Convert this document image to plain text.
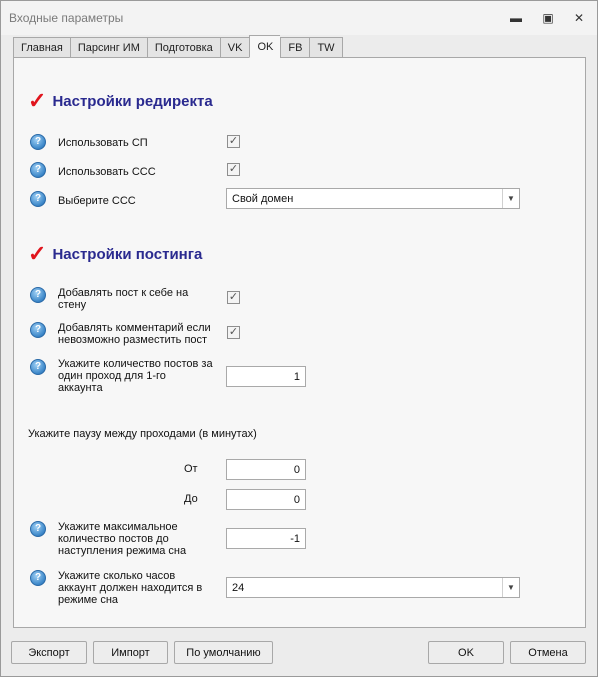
Входные параметры	▬	▣	✕
Главная	Парсинг ИМ	Подготовка	VK	OK	FB	TW
✓ Настройки редиректа
?	Использовать СП	✓
?	Использовать ССС	✓
?	Выберите ССС	Свой домен	▼
✓ Настройки постинга
?	Добавлять пост к себе на
стену
✓
?	Добавлять комментарий если
невозможно разместить пост
✓
?	Укажите количество постов за
один проход для 1-го
аккаунта
1
Укажите паузу между проходами (в минутах)
От	0
До	0
?	Укажите максимальное
количество постов до
наступления режима сна
-1
?	Укажите сколько часов
аккаунт должен находится в
режиме сна
24	▼
Экспорт	Импорт	По умолчанию	OK	Отмена
